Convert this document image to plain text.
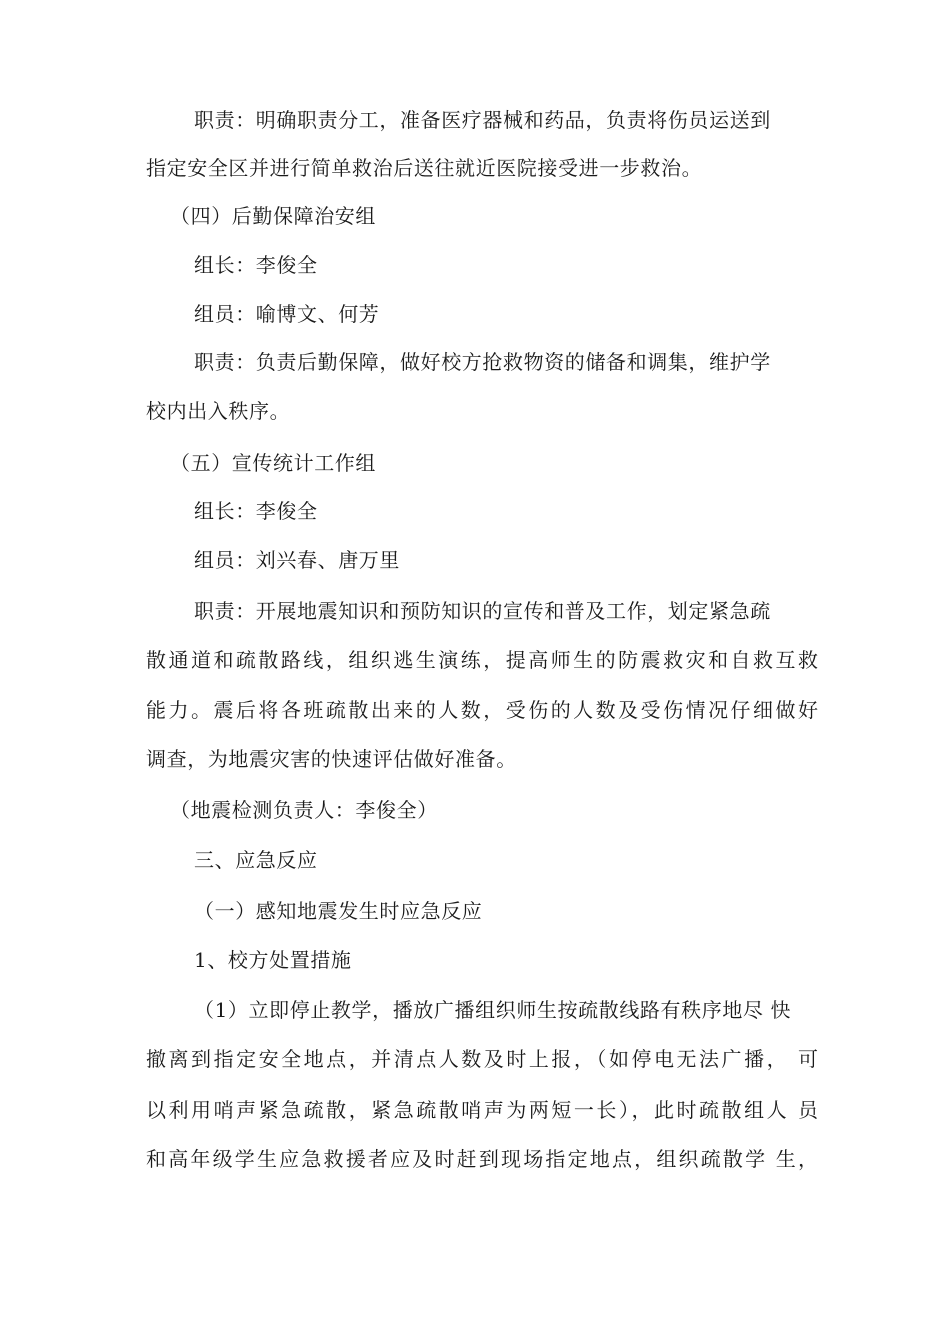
职责：明确职责分工，准备医疗器械和药品，负责将伤员运送到
指定安全区并进行简单救治后送往就近医院接受进一步救治。
（四）后勤保障治安组
组长：李俊全
组员：喻博文、何芳
职责：负责后勤保障，做好校方抢救物资的储备和调集，维护学
校内出入秩序。
（五）宣传统计工作组
组长：李俊全
组员：刘兴春、唐万里
职责：开展地震知识和预防知识的宣传和普及工作，划定紧急疏
散通道和疏散路线，组织逃生演练，提高师生的防震救灾和自救互救
能力。震后将各班疏散出来的人数，受伤的人数及受伤情况仔细做好
调查，为地震灾害的快速评估做好准备。
（地震检测负责人：李俊全）
三、应急反应
（一）感知地震发生时应急反应
1、校方处置措施
（1）立即停止教学，播放广播组织师生按疏散线路有秩序地尽 快
撤离到指定安全地点，并清点人数及时上报，（如停电无法广播， 可
以利用哨声紧急疏散，紧急疏散哨声为两短一长），此时疏散组人 员
和高年级学生应急救援者应及时赶到现场指定地点，组织疏散学 生，
